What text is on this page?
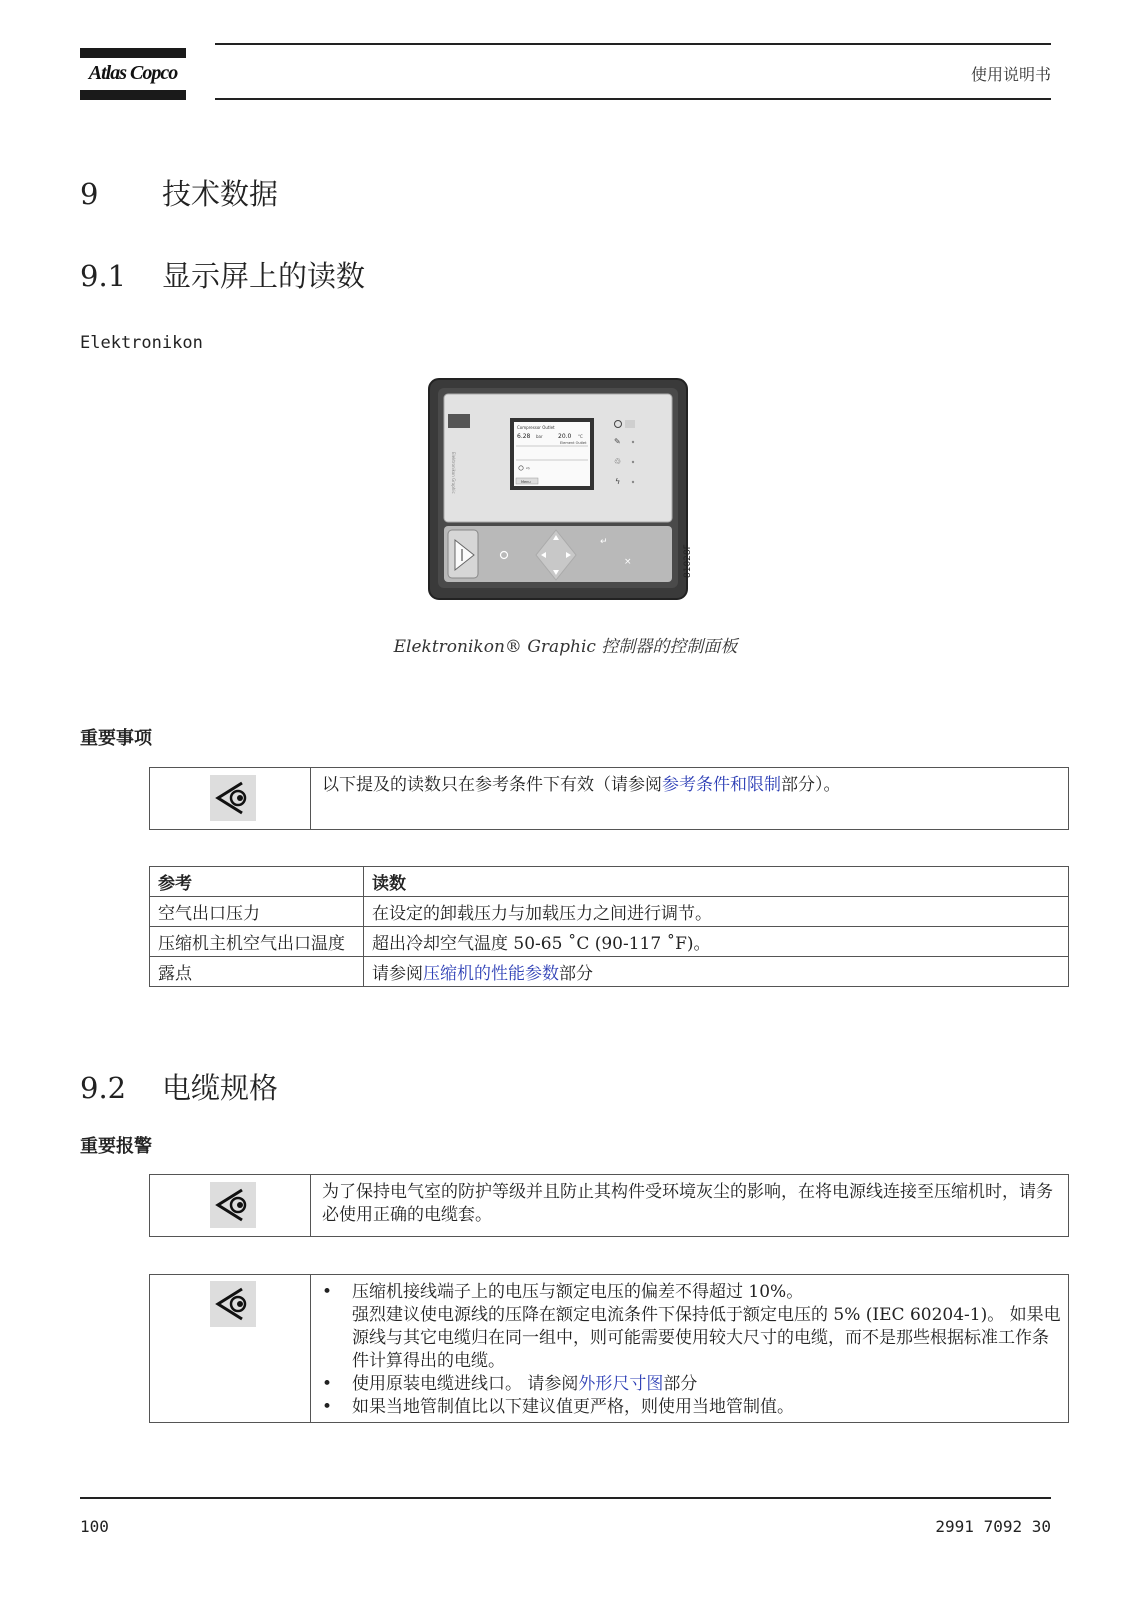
Atlas Copco	使用说明书
9 技术数据
9.1 显示屏上的读数
Elektronikon
Elektronikon Graphic
Compressor Outlet
6.28 bar	20.0 °C
Element Outlet
⇨
Menu
✎
♲
ϟ
↵
×	81028F
Elektronikon® Graphic 控制器的控制面板
重要事项
以下提及的读数只在参考条件下有效（请参阅参考条件和限制部分）。
参考	读数
空气出口压力	在设定的卸载压力与加载压力之间进行调节。
压缩机主机空气出口温度	超出冷却空气温度 50-65 ˚C (90-117 ˚F)。
露点	请参阅压缩机的性能参数部分
9.2 电缆规格
重要报警
为了保持电气室的防护等级并且防止其构件受环境灰尘的影响，在将电源线连接至压缩机时，请务必使用正确的电缆套。
• 压缩机接线端子上的电压与额定电压的偏差不得超过 10%。
强烈建议使电源线的压降在额定电流条件下保持低于额定电压的 5% (IEC 60204-1)。 如果电源线与其它电缆归在同一组中，则可能需要使用较大尺寸的电缆，而不是那些根据标准工作条件计算得出的电缆。
• 使用原装电缆进线口。 请参阅外形尺寸图部分
• 如果当地管制值比以下建议值更严格，则使用当地管制值。
100	2991 7092 30
